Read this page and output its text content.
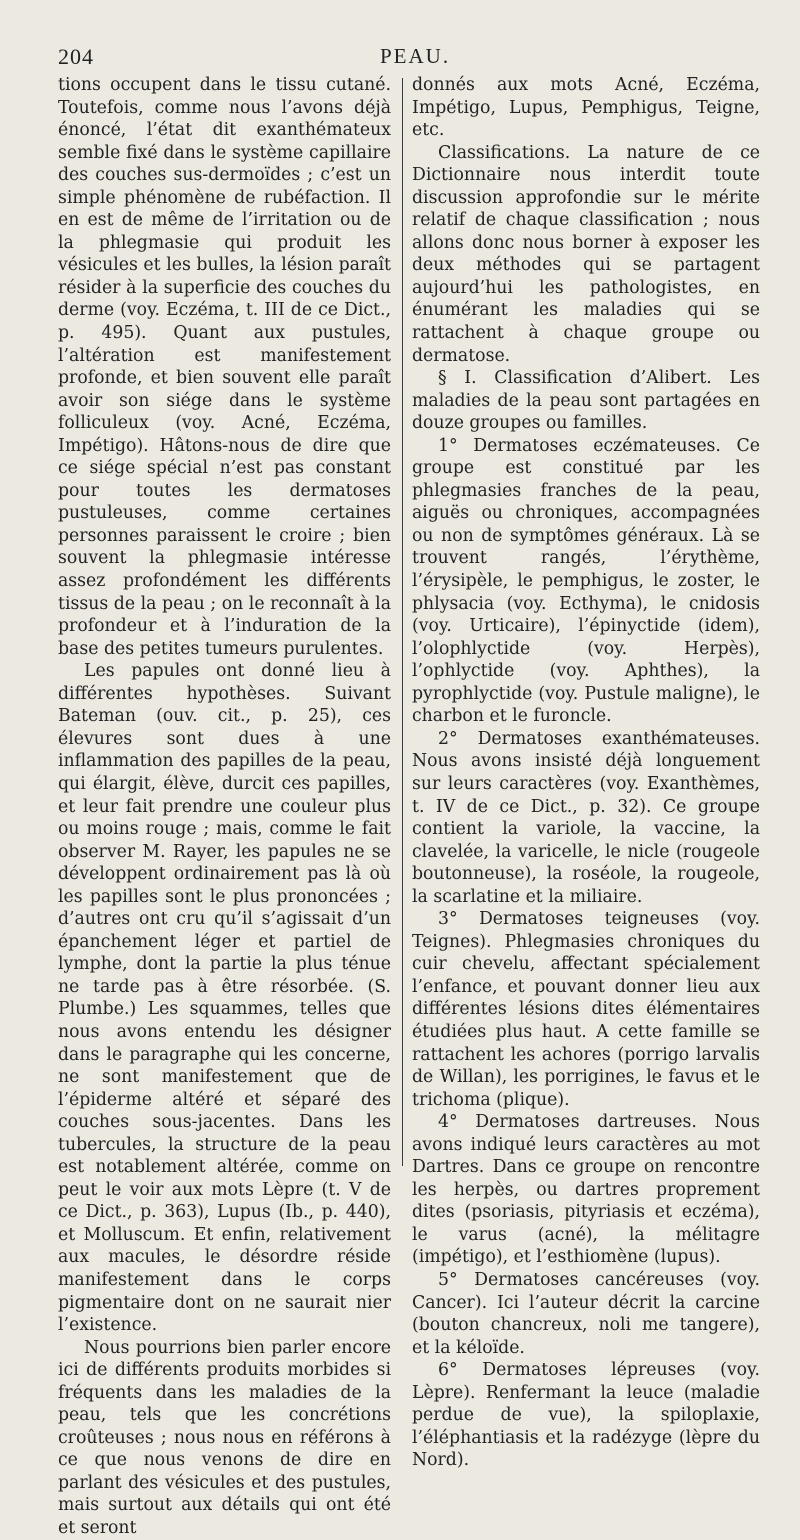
204	PEAU.

tions occupent dans le tissu cutané. Toutefois, comme nous l’avons déjà énoncé, l’état dit exanthémateux semble fixé dans le système capillaire des couches sus-dermoïdes ; c’est un simple phénomène de rubéfaction. Il en est de même de l’irritation ou de la phlegmasie qui produit les vésicules et les bulles, la lésion paraît résider à la superficie des couches du derme (voy. Eczéma, t. III de ce Dict., p. 495). Quant aux pustules, l’altération est manifestement profonde, et bien souvent elle paraît avoir son siége dans le système folliculeux (voy. Acné, Eczéma, Impétigo). Hâtons-nous de dire que ce siége spécial n’est pas constant pour toutes les dermatoses pustuleuses, comme certaines personnes paraissent le croire ; bien souvent la phlegmasie intéresse assez profondément les différents tissus de la peau ; on le reconnaît à la profondeur et à l’induration de la base des petites tumeurs purulentes.

Les papules ont donné lieu à différentes hypothèses. Suivant Bateman (ouv. cit., p. 25), ces élevures sont dues à une inflammation des papilles de la peau, qui élargit, élève, durcit ces papilles, et leur fait prendre une couleur plus ou moins rouge ; mais, comme le fait observer M. Rayer, les papules ne se développent ordinairement pas là où les papilles sont le plus prononcées ; d’autres ont cru qu’il s’agissait d’un épanchement léger et partiel de lymphe, dont la partie la plus ténue ne tarde pas à être résorbée. (S. Plumbe.) Les squammes, telles que nous avons entendu les désigner dans le paragraphe qui les concerne, ne sont manifestement que de l’épiderme altéré et séparé des couches sous-jacentes. Dans les tubercules, la structure de la peau est notablement altérée, comme on peut le voir aux mots Lèpre (t. V de ce Dict., p. 363), Lupus (Ib., p. 440), et Molluscum. Et enfin, relativement aux macules, le désordre réside manifestement dans le corps pigmentaire dont on ne saurait nier l’existence.

Nous pourrions bien parler encore ici de différents produits morbides si fréquents dans les maladies de la peau, tels que les concrétions croûteuses ; nous nous en référons à ce que nous venons de dire en parlant des vésicules et des pustules, mais surtout aux détails qui ont été et seront

donnés aux mots Acné, Eczéma, Impétigo, Lupus, Pemphigus, Teigne, etc.

Classifications. La nature de ce Dictionnaire nous interdit toute discussion approfondie sur le mérite relatif de chaque classification ; nous allons donc nous borner à exposer les deux méthodes qui se partagent aujourd’hui les pathologistes, en énumérant les maladies qui se rattachent à chaque groupe ou dermatose.

§ I. Classification d’Alibert. Les maladies de la peau sont partagées en douze groupes ou familles.

1° Dermatoses eczémateuses. Ce groupe est constitué par les phlegmasies franches de la peau, aiguës ou chroniques, accompagnées ou non de symptômes généraux. Là se trouvent rangés, l’érythème, l’érysipèle, le pemphigus, le zoster, le phlysacia (voy. Ecthyma), le cnidosis (voy. Urticaire), l’épinyctide (idem), l’olophlyctide (voy. Herpès), l’ophlyctide (voy. Aphthes), la pyrophlyctide (voy. Pustule maligne), le charbon et le furoncle.

2° Dermatoses exanthémateuses. Nous avons insisté déjà longuement sur leurs caractères (voy. Exanthèmes, t. IV de ce Dict., p. 32). Ce groupe contient la variole, la vaccine, la clavelée, la varicelle, le nicle (rougeole boutonneuse), la roséole, la rougeole, la scarlatine et la miliaire.

3° Dermatoses teigneuses (voy. Teignes). Phlegmasies chroniques du cuir chevelu, affectant spécialement l’enfance, et pouvant donner lieu aux différentes lésions dites élémentaires étudiées plus haut. A cette famille se rattachent les achores (porrigo larvalis de Willan), les porrigines, le favus et le trichoma (plique).

4° Dermatoses dartreuses. Nous avons indiqué leurs caractères au mot Dartres. Dans ce groupe on rencontre les herpès, ou dartres proprement dites (psoriasis, pityriasis et eczéma), le varus (acné), la mélitagre (impétigo), et l’esthiomène (lupus).

5° Dermatoses cancéreuses (voy. Cancer). Ici l’auteur décrit la carcine (bouton chancreux, noli me tangere), et la kéloïde.

6° Dermatoses lépreuses (voy. Lèpre). Renfermant la leuce (maladie perdue de vue), la spiloplaxie, l’éléphantiasis et la radézyge (lèpre du Nord).
